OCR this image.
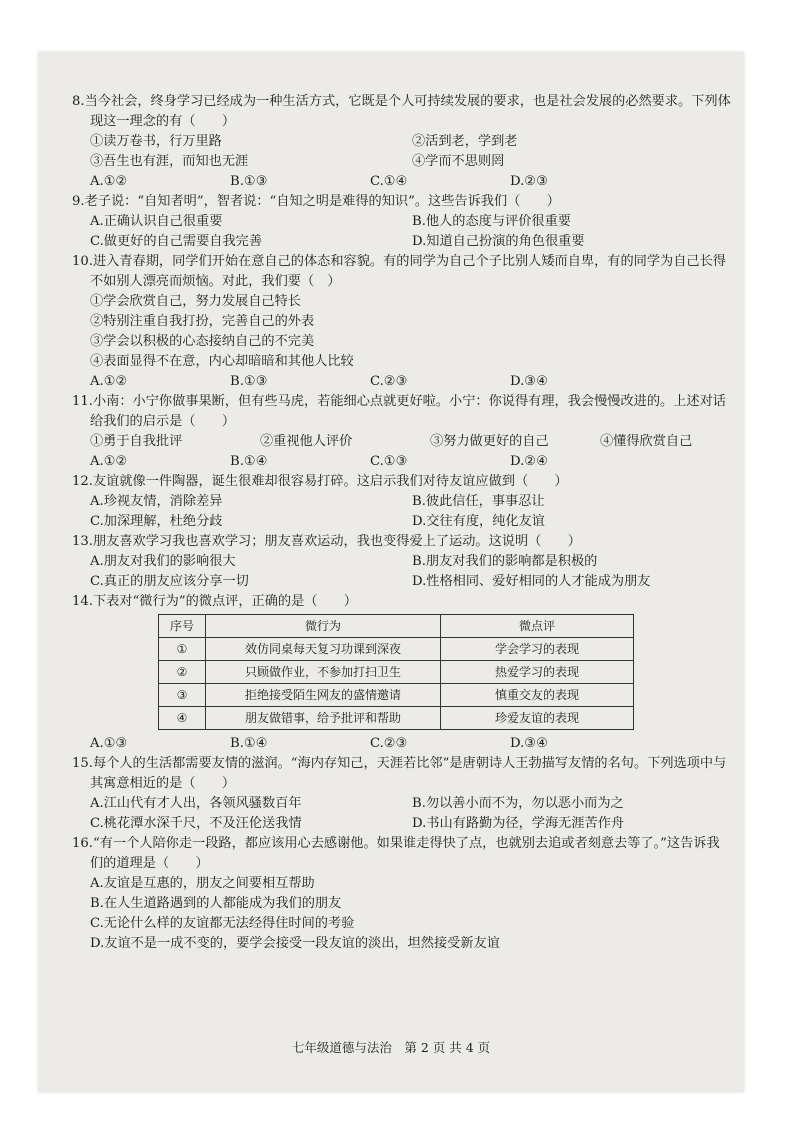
8.当今社会，终身学习已经成为一种生活方式，它既是个人可持续发展的要求，也是社会发展的必然要求。下列体现这一理念的有（　　）
①读万卷书，行万里路	②活到老，学到老
③吾生也有涯，而知也无涯	④学而不思则罔
A.①②	B.①③	C.①④	D.②③
9.老子说：“自知者明”，智者说：“自知之明是难得的知识”。这些告诉我们（　　）
A.正确认识自己很重要	B.他人的态度与评价很重要
C.做更好的自己需要自我完善	D.知道自己扮演的角色很重要
10.进入青春期，同学们开始在意自己的体态和容貌。有的同学为自己个子比别人矮而自卑，有的同学为自己长得不如别人漂亮而烦恼。对此，我们要（　）
①学会欣赏自己，努力发展自己特长
②特别注重自我打扮，完善自己的外表
③学会以积极的心态接纳自己的不完美
④表面显得不在意，内心却暗暗和其他人比较
A.①②	B.①③	C.②③	D.③④
11.小南：小宁你做事果断，但有些马虎，若能细心点就更好啦。小宁：你说得有理，我会慢慢改进的。上述对话给我们的启示是（　　）
①勇于自我批评	②重视他人评价	③努力做更好的自己	④懂得欣赏自己
A.①②	B.①④	C.①③	D.②④
12.友谊就像一件陶器，诞生很难却很容易打碎。这启示我们对待友谊应做到（　　）
A.珍视友情，消除差异	B.彼此信任，事事忍让
C.加深理解，杜绝分歧	D.交往有度，纯化友谊
13.朋友喜欢学习我也喜欢学习；朋友喜欢运动，我也变得爱上了运动。这说明（　　）
A.朋友对我们的影响很大	B.朋友对我们的影响都是积极的
C.真正的朋友应该分享一切	D.性格相同、爱好相同的人才能成为朋友
14.下表对“微行为”的微点评，正确的是（　　）
序号	微行为	微点评
①	效仿同桌每天复习功课到深夜	学会学习的表现
②	只顾做作业，不参加打扫卫生	热爱学习的表现
③	拒绝接受陌生网友的盛情邀请	慎重交友的表现
④	朋友做错事，给予批评和帮助	珍爱友谊的表现
A.①③	B.①④	C.②③	D.③④
15.每个人的生活都需要友情的滋润。“海内存知己，天涯若比邻”是唐朝诗人王勃描写友情的名句。下列选项中与其寓意相近的是（　　）
A.江山代有才人出，各领风骚数百年	B.勿以善小而不为，勿以恶小而为之
C.桃花潭水深千尺，不及汪伦送我情	D.书山有路勤为径，学海无涯苦作舟
16.“有一个人陪你走一段路，都应该用心去感谢他。如果谁走得快了点，也就别去追或者刻意去等了。”这告诉我们的道理是（　　）
A.友谊是互惠的，朋友之间要相互帮助
B.在人生道路遇到的人都能成为我们的朋友
C.无论什么样的友谊都无法经得住时间的考验
D.友谊不是一成不变的，要学会接受一段友谊的淡出，坦然接受新友谊
七年级道德与法治　第 2 页 共 4 页
